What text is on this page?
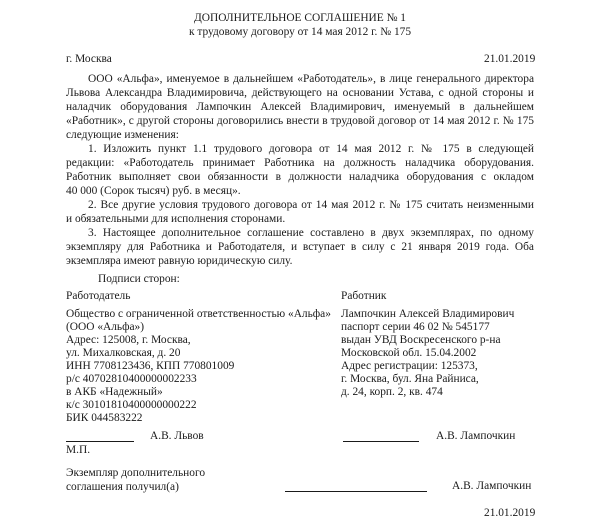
ДОПОЛНИТЕЛЬНОЕ СОГЛАШЕНИЕ № 1
к трудовому договору от 14 мая 2012 г. № 175
г. Москва	21.01.2019
ООО «Альфа», именуемое в дальнейшем «Работодатель», в лице генерального директора
Львова Александра Владимировича, действующего на основании Устава, с одной стороны и
наладчик оборудования Лампочкин Алексей Владимирович, именуемый в дальнейшем
«Работник», с другой стороны договорились внести в трудовой договор от 14 мая 2012 г. № 175
следующие изменения:
1. Изложить пункт 1.1 трудового договора от 14 мая 2012 г. № 175 в следующей
редакции: «Работодатель принимает Работника на должность наладчика оборудования.
Работник выполняет свои обязанности в должности наладчика оборудования с окладом
40 000 (Сорок тысяч) руб. в месяц».
2. Все другие условия трудового договора от 14 мая 2012 г. № 175 считать неизменными
и обязательными для исполнения сторонами.
3. Настоящее дополнительное соглашение составлено в двух экземплярах, по одному
экземпляру для Работника и Работодателя, и вступает в силу с 21 января 2019 года. Оба
экземпляра имеют равную юридическую силу.
Подписи сторон:
Работодатель
Общество с ограниченной ответственностью «Альфа»
(ООО «Альфа»)
Адрес: 125008, г. Москва,
ул. Михалковская, д. 20
ИНН 7708123436, КПП 770801009
р/с 40702810400000002233
в АКБ «Надежный»
к/с 30101810400000000222
БИК 044583222
Работник
Лампочкин Алексей Владимирович
паспорт серии 46 02 № 545177
выдан УВД Воскресенского р-на
Московской обл. 15.04.2002
Адрес регистрации: 125373,
г. Москва, бул. Яна Райниса,
д. 24, корп. 2, кв. 474
А.В. Львов	А.В. Лампочкин
М.П.
Экземпляр дополнительного
соглашения получил(а)	А.В. Лампочкин
21.01.2019
